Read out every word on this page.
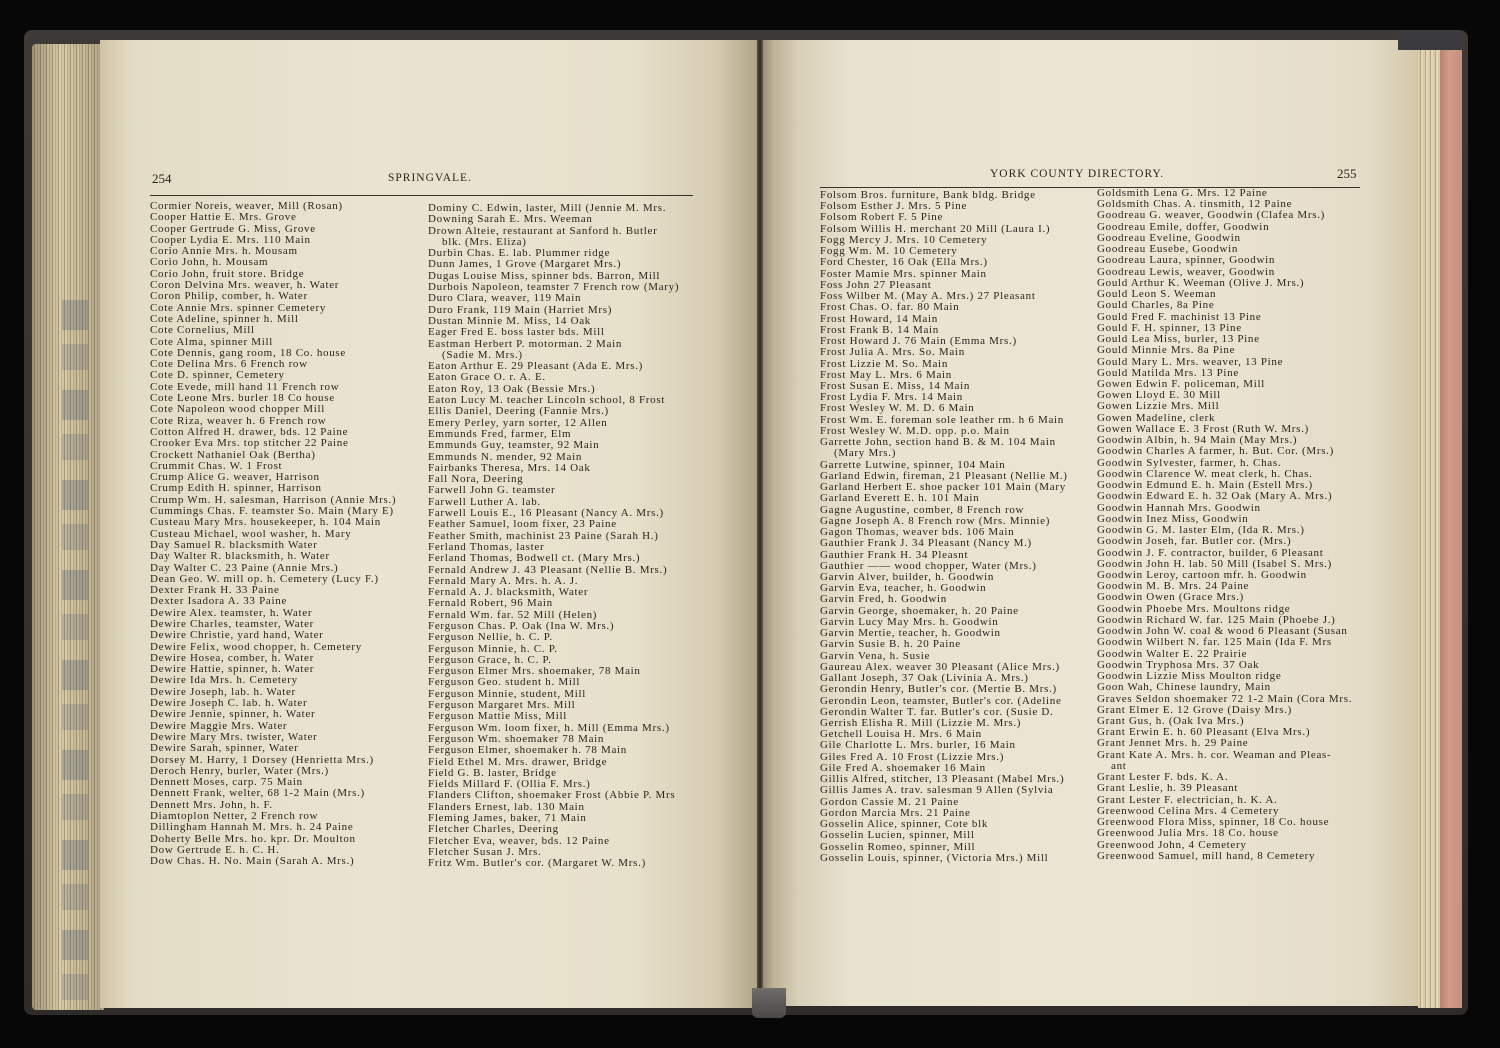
254	SPRINGVALE.	YORK COUNTY DIRECTORY.	255
Cormier Noreis, weaver, Mill (Rosan)
Cooper Hattie E. Mrs. Grove
Cooper Gertrude G. Miss, Grove
Cooper Lydia E. Mrs. 110 Main
Corio Annie Mrs. h. Mousam
Corio John, h. Mousam
Corio John, fruit store. Bridge
Coron Delvina Mrs. weaver, h. Water
Coron Philip, comber, h. Water
Cote Annie Mrs. spinner Cemetery
Cote Adeline, spinner h. Mill
Cote Cornelius, Mill
Cote Alma, spinner Mill
Cote Dennis, gang room, 18 Co. house
Cote Delina Mrs. 6 French row
Cote D. spinner, Cemetery
Cote Evede, mill hand 11 French row
Cote Leone Mrs. burler 18 Co house
Cote Napoleon wood chopper Mill
Cote Riza, weaver h. 6 French row
Cotton Alfred H. drawer, bds. 12 Paine
Crooker Eva Mrs. top stitcher 22 Paine
Crockett Nathaniel Oak (Bertha)
Crummit Chas. W. 1 Frost
Crump Alice G. weaver, Harrison
Crump Edith H. spinner, Harrison
Crump Wm. H. salesman, Harrison (Annie Mrs.)
Cummings Chas. F. teamster So. Main (Mary E)
Custeau Mary Mrs. housekeeper, h. 104 Main
Custeau Michael, wool washer, h. Mary
Day Samuel R. blacksmith Water
Day Walter R. blacksmith, h. Water
Day Walter C. 23 Paine (Annie Mrs.)
Dean Geo. W. mill op. h. Cemetery (Lucy F.)
Dexter Frank H. 33 Paine
Dexter Isadora A. 33 Paine
Dewire Alex. teamster, h. Water
Dewire Charles, teamster, Water
Dewire Christie, yard hand, Water
Dewire Felix, wood chopper, h. Cemetery
Dewire Hosea, comber, h. Water
Dewire Hattie, spinner, h. Water
Dewire Ida Mrs. h. Cemetery
Dewire Joseph, lab. h. Water
Dewire Joseph C. lab. h. Water
Dewire Jennie, spinner, h. Water
Dewire Maggie Mrs. Water
Dewire Mary Mrs. twister, Water
Dewire Sarah, spinner, Water
Dorsey M. Harry, 1 Dorsey (Henrietta Mrs.)
Deroch Henry, burler, Water (Mrs.)
Dennett Moses, carp. 75 Main
Dennett Frank, welter, 68 1-2 Main (Mrs.)
Dennett Mrs. John, h. F.
Diamtoplon Netter, 2 French row
Dillingham Hannah M. Mrs. h. 24 Paine
Doherty Belle Mrs. ho. kpr. Dr. Moulton
Dow Gertrude E. h. C. H.
Dow Chas. H. No. Main (Sarah A. Mrs.)
Dominy C. Edwin, laster, Mill (Jennie M. Mrs.
Downing Sarah E. Mrs. Weeman
Drown Alteie, restaurant at Sanford h. Butler
blk. (Mrs. Eliza)
Durbin Chas. E. lab. Plummer ridge
Dunn James, 1 Grove (Margaret Mrs.)
Dugas Louise Miss, spinner bds. Barron, Mill
Durbois Napoleon, teamster 7 French row (Mary)
Duro Clara, weaver, 119 Main
Duro Frank, 119 Main (Harriet Mrs)
Dustan Minnie M. Miss, 14 Oak
Eager Fred E. boss laster bds. Mill
Eastman Herbert P. motorman. 2 Main
(Sadie M. Mrs.)
Eaton Arthur E. 29 Pleasant (Ada E. Mrs.)
Eaton Grace O. r. A. E.
Eaton Roy, 13 Oak (Bessie Mrs.)
Eaton Lucy M. teacher Lincoln school, 8 Frost
Ellis Daniel, Deering (Fannie Mrs.)
Emery Perley, yarn sorter, 12 Allen
Emmunds Fred, farmer, Elm
Emmunds Guy, teamster, 92 Main
Emmunds N. mender, 92 Main
Fairbanks Theresa, Mrs. 14 Oak
Fall Nora, Deering
Farwell John G. teamster
Farwell Luther A. lab.
Farwell Louis E., 16 Pleasant (Nancy A. Mrs.)
Feather Samuel, loom fixer, 23 Paine
Feather Smith, machinist 23 Paine (Sarah H.)
Ferland Thomas, laster
Ferland Thomas, Bodwell ct. (Mary Mrs.)
Fernald Andrew J. 43 Pleasant (Nellie B. Mrs.)
Fernald Mary A. Mrs. h. A. J.
Fernald A. J. blacksmith, Water
Fernald Robert, 96 Main
Fernald Wm. far. 52 Mill (Helen)
Ferguson Chas. P. Oak (Ina W. Mrs.)
Ferguson Nellie, h. C. P.
Ferguson Minnie, h. C. P.
Ferguson Grace, h. C. P.
Ferguson Elmer Mrs. shoemaker, 78 Main
Ferguson Geo. student h. Mill
Ferguson Minnie, student, Mill
Ferguson Margaret Mrs. Mill
Ferguson Mattie Miss, Mill
Ferguson Wm. loom fixer, h. Mill (Emma Mrs.)
Ferguson Wm. shoemaker 78 Main
Ferguson Elmer, shoemaker h. 78 Main
Field Ethel M. Mrs. drawer, Bridge
Field G. B. laster, Bridge
Fields Millard F. (Ollia F. Mrs.)
Flanders Clifton, shoemaker Frost (Abbie P. Mrs
Flanders Ernest, lab. 130 Main
Fleming James, baker, 71 Main
Fletcher Charles, Deering
Fletcher Eva, weaver, bds. 12 Paine
Fletcher Susan J. Mrs.
Fritz Wm. Butler's cor. (Margaret W. Mrs.)
Folsom Bros. furniture, Bank bldg. Bridge
Folsom Esther J. Mrs. 5 Pine
Folsom Robert F. 5 Pine
Folsom Willis H. merchant 20 Mill (Laura I.)
Fogg Mercy J. Mrs. 10 Cemetery
Fogg Wm. M. 10 Cemetery
Ford Chester, 16 Oak (Ella Mrs.)
Foster Mamie Mrs. spinner Main
Foss John 27 Pleasant
Foss Wilber M. (May A. Mrs.) 27 Pleasant
Frost Chas. O. far. 80 Main
Frost Howard, 14 Main
Frost Frank B. 14 Main
Frost Howard J. 76 Main (Emma Mrs.)
Frost Julia A. Mrs. So. Main
Frost Lizzie M. So. Main
Frost May L. Mrs. 6 Main
Frost Susan E. Miss, 14 Main
Frost Lydia F. Mrs. 14 Main
Frost Wesley W. M. D. 6 Main
Frost Wm. E. foreman sole leather rm. h 6 Main
Frost Wesley W. M.D. opp. p.o. Main
Garrette John, section hand B. & M. 104 Main
(Mary Mrs.)
Garrette Lutwine, spinner, 104 Main
Garland Edwin, fireman, 21 Pleasant (Nellie M.)
Garland Herbert E. shoe packer 101 Main (Mary
Garland Everett E. h. 101 Main
Gagne Augustine, comber, 8 French row
Gagne Joseph A. 8 French row (Mrs. Minnie)
Gagon Thomas, weaver bds. 106 Main
Gauthier Frank J. 34 Pleasant (Nancy M.)
Gauthier Frank H. 34 Pleasnt
Gauthier —— wood chopper, Water (Mrs.)
Garvin Alver, builder, h. Goodwin
Garvin Eva, teacher, h. Goodwin
Garvin Fred, h. Goodwin
Garvin George, shoemaker, h. 20 Paine
Garvin Lucy May Mrs. h. Goodwin
Garvin Mertie, teacher, h. Goodwin
Garvin Susie B. h. 20 Paine
Garvin Vena, h. Susie
Gaureau Alex. weaver 30 Pleasant (Alice Mrs.)
Gallant Joseph, 37 Oak (Livinia A. Mrs.)
Gerondin Henry, Butler's cor. (Mertie B. Mrs.)
Gerondin Leon, teamster, Butler's cor. (Adeline
Gerondin Walter T. far. Butler's cor. (Susie D.
Gerrish Elisha R. Mill (Lizzie M. Mrs.)
Getchell Louisa H. Mrs. 6 Main
Gile Charlotte L. Mrs. burler, 16 Main
Giles Fred A. 10 Frost (Lizzie Mrs.)
Gile Fred A. shoemaker 16 Main
Gillis Alfred, stitcher, 13 Pleasant (Mabel Mrs.)
Gillis James A. trav. salesman 9 Allen (Sylvia
Gordon Cassie M. 21 Paine
Gordon Marcia Mrs. 21 Paine
Gosselin Alice, spinner, Cote blk
Gosselin Lucien, spinner, Mill
Gosselin Romeo, spinner, Mill
Gosselin Louis, spinner, (Victoria Mrs.) Mill
Goldsmith Lena G. Mrs. 12 Paine
Goldsmith Chas. A. tinsmith, 12 Paine
Goodreau G. weaver, Goodwin (Clafea Mrs.)
Goodreau Emile, doffer, Goodwin
Goodreau Eveline, Goodwin
Goodreau Eusebe, Goodwin
Goodreau Laura, spinner, Goodwin
Goodreau Lewis, weaver, Goodwin
Gould Arthur K. Weeman (Olive J. Mrs.)
Gould Leon S. Weeman
Gould Charles, 8a Pine
Gould Fred F. machinist 13 Pine
Gould F. H. spinner, 13 Pine
Gould Lea Miss, burler, 13 Pine
Gould Minnie Mrs. 8a Pine
Gould Mary L. Mrs. weaver, 13 Pine
Gould Matilda Mrs. 13 Pine
Gowen Edwin F. policeman, Mill
Gowen Lloyd E. 30 Mill
Gowen Lizzie Mrs. Mill
Gowen Madeline, clerk
Gowen Wallace E. 3 Frost (Ruth W. Mrs.)
Goodwin Albin, h. 94 Main (May Mrs.)
Goodwin Charles A farmer, h. But. Cor. (Mrs.)
Goodwin Sylvester, farmer, h. Chas.
Goodwin Clarence W. meat clerk, h. Chas.
Goodwin Edmund E. h. Main (Estell Mrs.)
Goodwin Edward E. h. 32 Oak (Mary A. Mrs.)
Goodwin Hannah Mrs. Goodwin
Goodwin Inez Miss, Goodwin
Goodwin G. M. laster Elm, (Ida R. Mrs.)
Goodwin Joseh, far. Butler cor. (Mrs.)
Goodwin J. F. contractor, builder, 6 Pleasant
Goodwin John H. lab. 50 Mill (Isabel S. Mrs.)
Goodwin Leroy, cartoon mfr. h. Goodwin
Goodwin M. B. Mrs. 24 Paine
Goodwin Owen (Grace Mrs.)
Goodwin Phoebe Mrs. Moultons ridge
Goodwin Richard W. far. 125 Main (Phoebe J.)
Goodwin John W. coal & wood 6 Pleasant (Susan
Goodwin Wilbert N. far. 125 Main (Ida F. Mrs
Goodwin Walter E. 22 Prairie
Goodwin Tryphosa Mrs. 37 Oak
Goodwin Lizzie Miss Moulton ridge
Goon Wah, Chinese laundry, Main
Graves Seldon shoemaker 72 1-2 Main (Cora Mrs.
Grant Elmer E. 12 Grove (Daisy Mrs.)
Grant Gus, h. (Oak Iva Mrs.)
Grant Erwin E. h. 60 Pleasant (Elva Mrs.)
Grant Jennet Mrs. h. 29 Paine
Grant Kate A. Mrs. h. cor. Weaman and Pleas-
ant
Grant Lester F. bds. K. A.
Grant Leslie, h. 39 Pleasant
Grant Lester F. electrician, h. K. A.
Greenwood Celina Mrs. 4 Cemetery
Greenwood Flora Miss, spinner, 18 Co. house
Greenwood Julia Mrs. 18 Co. house
Greenwood John, 4 Cemetery
Greenwood Samuel, mill hand, 8 Cemetery
